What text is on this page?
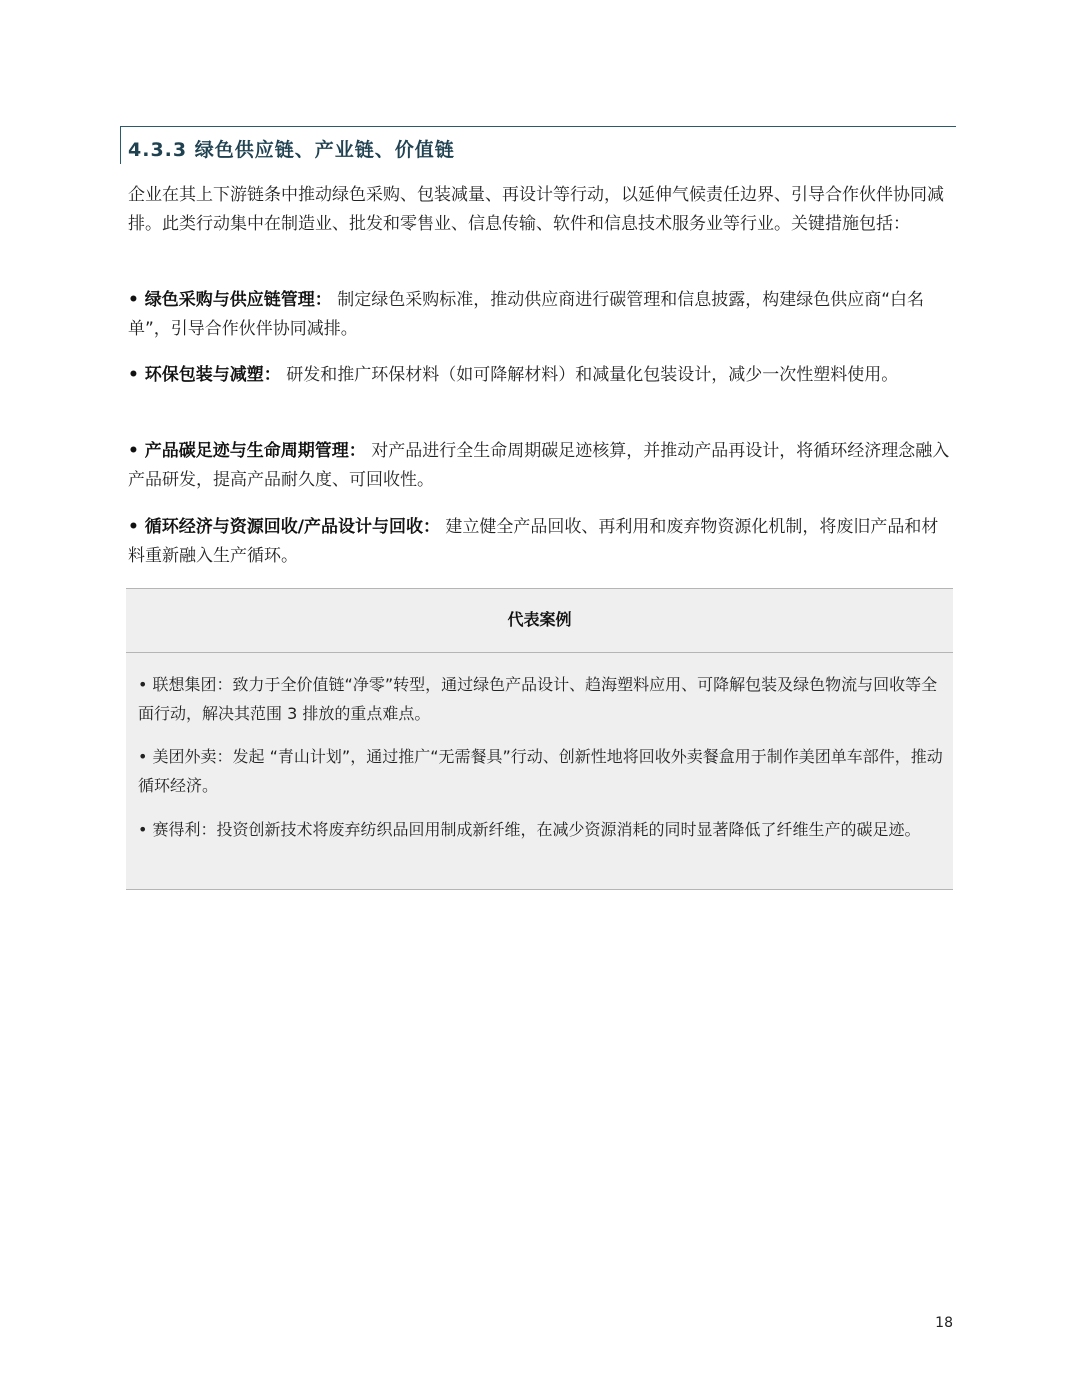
4.3.3 绿色供应链、产业链、价值链

企业在其上下游链条中推动绿色采购、包装减量、再设计等行动，以延伸气候责任边界、引导合作伙伴协同减排。此类行动集中在制造业、批发和零售业、信息传输、软件和信息技术服务业等行业。关键措施包括：

• 绿色采购与供应链管理： 制定绿色采购标准，推动供应商进行碳管理和信息披露，构建绿色供应商“白名单”，引导合作伙伴协同减排。

• 环保包装与减塑： 研发和推广环保材料（如可降解材料）和减量化包装设计，减少一次性塑料使用。

• 产品碳足迹与生命周期管理： 对产品进行全生命周期碳足迹核算，并推动产品再设计，将循环经济理念融入产品研发，提高产品耐久度、可回收性。

• 循环经济与资源回收/产品设计与回收： 建立健全产品回收、再利用和废弃物资源化机制，将废旧产品和材料重新融入生产循环。

代表案例

• 联想集团：致力于全价值链“净零”转型，通过绿色产品设计、趋海塑料应用、可降解包装及绿色物流与回收等全面行动，解决其范围 3 排放的重点难点。

• 美团外卖：发起 “青山计划”，通过推广“无需餐具”行动、创新性地将回收外卖餐盒用于制作美团单车部件，推动循环经济。

• 赛得利：投资创新技术将废弃纺织品回用制成新纤维，在减少资源消耗的同时显著降低了纤维生产的碳足迹。

18
